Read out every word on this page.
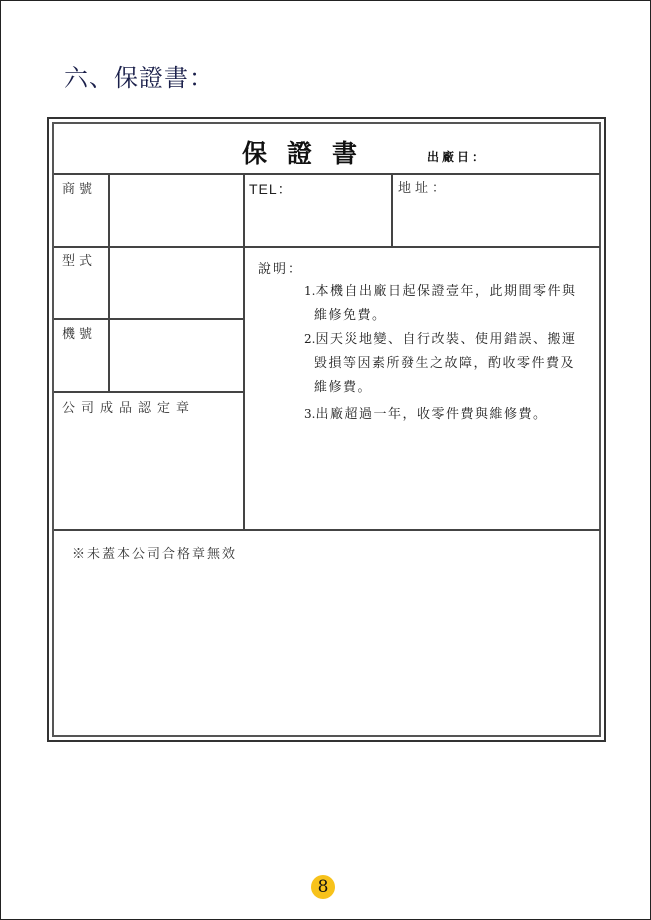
六、保證書：
保證書	出廠日：
商號	TEL：	地址：
型式
機號
公司成品認定章
說明：
1.本機自出廠日起保證壹年，此期間零件與
維修免費。
2.因天災地變、自行改裝、使用錯誤、搬運
毀損等因素所發生之故障，酌收零件費及
維修費。
3.出廠超過一年，收零件費與維修費。
※未蓋本公司合格章無效
8
